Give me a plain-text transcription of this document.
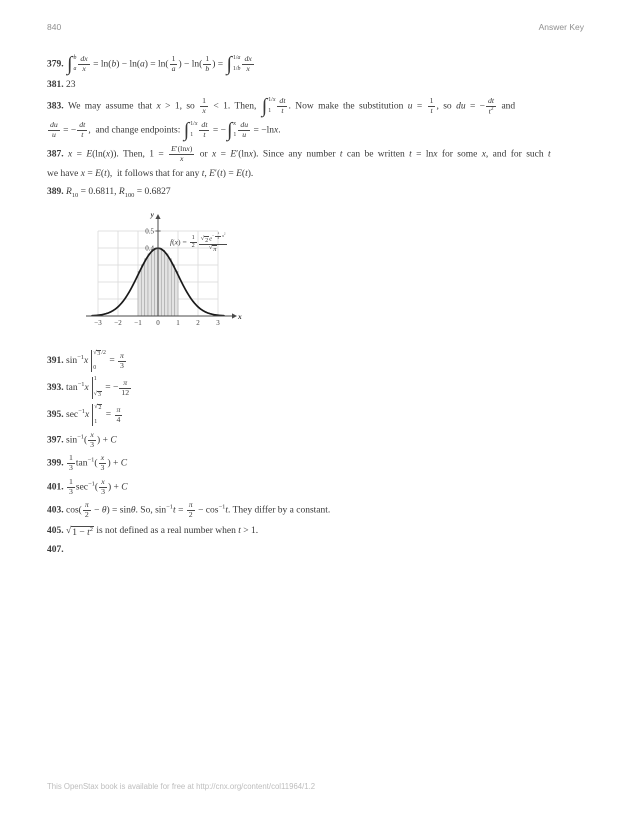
840	Answer Key
379. ∫ b
a $\frac{dx}{x} = \ln(b) - \ln(a) = \ln( \frac{1}{a}$ ) − $\ln( \frac{1}{b}$ ) = ∫ 1/a
$1/b \frac{dx}{x}$
381. 23
383. We may assume that x > 1, so $\frac{1}{x} < 1$. Then, ∫ 1/x
$1 \frac{dt}{t}$ . Now make the substitution $u = \frac{1}{t}$ , so du = − $\frac{dt}{t^2}$ and
$\frac{du}{u}$ = − $\frac{dt}{t}$ ,  and change endpoints: ∫ 1/x
$1 \frac{dt}{t}$ = − ∫ x
$1 \frac{du}{u} = -\ln x$.
387. x = E(ln(x)). Then, $1 = \frac{E'(\ln x)}{x}$ or x = E′(lnx). Since any number t can be written t = lnx for some x, and for such t
we have x = E(t),  it follows that for any t, E′(t) = E(t).
389. $R_{10} = 0.6811$, $R_{100} = 0.6827$
0.4
0.5
−3 −2 −1 0 1 2 3
y
x
$f(x) = \frac{1}{2}$ √ 2 $e^{- \frac{1}{2} x^2}$
√ π
391. $\sin^{-1}x$
√ 3 /2
0
= $\frac{\pi}{3}$
393. $\tan^{-1}x$
1
√ 3
= − $\frac{\pi}{12}$
395. $\sec^{-1}x$
√ 2
1
= $\frac{\pi}{4}$
397. $\sin^{-1}( \frac{x}{3}$ ) + C
399. $\frac{1}{3} \tan^{-1}( \frac{x}{3}$ ) + C
401. $\frac{1}{3} \sec^{-1}( \frac{x}{3}$ ) + C
403. $\cos( \frac{\pi}{2} - \theta) = \sin\theta$. So, $\sin^{-1}t = \frac{\pi}{2} - \cos^{-1}t$. They differ by a constant.
405. √ $1 - t^2$ is not defined as a real number when t > 1.
407.
This OpenStax book is available for free at http://cnx.org/content/col11964/1.2
